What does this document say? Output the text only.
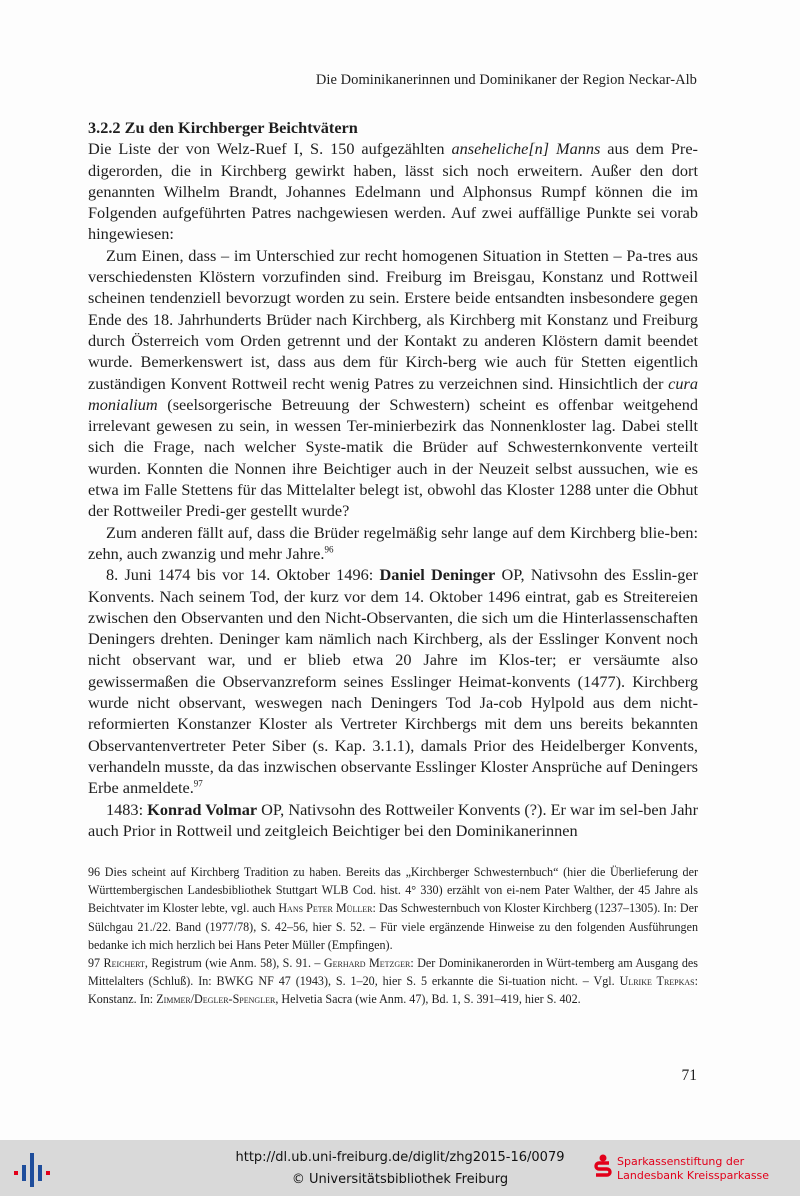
Die Dominikanerinnen und Dominikaner der Region Neckar-Alb

3.2.2 Zu den Kirchberger Beichtvätern

Die Liste der von Welz-Ruef I, S. 150 aufgezählten anseheliche[n] Manns aus dem Pre-digerorden, die in Kirchberg gewirkt haben, lässt sich noch erweitern. Außer den dort genannten Wilhelm Brandt, Johannes Edelmann und Alphonsus Rumpf können die im Folgenden aufgeführten Patres nachgewiesen werden. Auf zwei auffällige Punkte sei vorab hingewiesen:

Zum Einen, dass – im Unterschied zur recht homogenen Situation in Stetten – Pa-tres aus verschiedensten Klöstern vorzufinden sind. Freiburg im Breisgau, Konstanz und Rottweil scheinen tendenziell bevorzugt worden zu sein. Erstere beide entsandten insbesondere gegen Ende des 18. Jahrhunderts Brüder nach Kirchberg, als Kirchberg mit Konstanz und Freiburg durch Österreich vom Orden getrennt und der Kontakt zu anderen Klöstern damit beendet wurde. Bemerkenswert ist, dass aus dem für Kirch-berg wie auch für Stetten eigentlich zuständigen Konvent Rottweil recht wenig Patres zu verzeichnen sind. Hinsichtlich der cura monialium (seelsorgerische Betreuung der Schwestern) scheint es offenbar weitgehend irrelevant gewesen zu sein, in wessen Ter-minierbezirk das Nonnenkloster lag. Dabei stellt sich die Frage, nach welcher Syste-matik die Brüder auf Schwesternkonvente verteilt wurden. Konnten die Nonnen ihre Beichtiger auch in der Neuzeit selbst aussuchen, wie es etwa im Falle Stettens für das Mittelalter belegt ist, obwohl das Kloster 1288 unter die Obhut der Rottweiler Predi-ger gestellt wurde?

Zum anderen fällt auf, dass die Brüder regelmäßig sehr lange auf dem Kirchberg blie-ben: zehn, auch zwanzig und mehr Jahre.$^{96}$

8. Juni 1474 bis vor 14. Oktober 1496: Daniel Deninger OP, Nativsohn des Esslin-ger Konvents. Nach seinem Tod, der kurz vor dem 14. Oktober 1496 eintrat, gab es Streitereien zwischen den Observanten und den Nicht-Observanten, die sich um die Hinterlassenschaften Deningers drehten. Deninger kam nämlich nach Kirchberg, als der Esslinger Konvent noch nicht observant war, und er blieb etwa 20 Jahre im Klos-ter; er versäumte also gewissermaßen die Observanzreform seines Esslinger Heimat-konvents (1477). Kirchberg wurde nicht observant, weswegen nach Deningers Tod Ja-cob Hylpold aus dem nicht-reformierten Konstanzer Kloster als Vertreter Kirchbergs mit dem uns bereits bekannten Observantenvertreter Peter Siber (s. Kap. 3.1.1), damals Prior des Heidelberger Konvents, verhandeln musste, da das inzwischen observante Esslinger Kloster Ansprüche auf Deningers Erbe anmeldete.$^{97}$

1483: Konrad Volmar OP, Nativsohn des Rottweiler Konvents (?). Er war im sel-ben Jahr auch Prior in Rottweil und zeitgleich Beichtiger bei den Dominikanerinnen

96 Dies scheint auf Kirchberg Tradition zu haben. Bereits das „Kirchberger Schwesternbuch“ (hier die Überlieferung der Württembergischen Landesbibliothek Stuttgart WLB Cod. hist. 4° 330) erzählt von ei-nem Pater Walther, der 45 Jahre als Beichtvater im Kloster lebte, vgl. auch Hans Peter Müller: Das Schwesternbuch von Kloster Kirchberg (1237–1305). In: Der Sülchgau 21./22. Band (1977/78), S. 42–56, hier S. 52. – Für viele ergänzende Hinweise zu den folgenden Ausführungen bedanke ich mich herzlich bei Hans Peter Müller (Empfingen).

97 Reichert, Registrum (wie Anm. 58), S. 91. – Gerhard Metzger: Der Dominikanerorden in Würt-temberg am Ausgang des Mittelalters (Schluß). In: BWKG NF 47 (1943), S. 1–20, hier S. 5 erkannte die Si-tuation nicht. – Vgl. Ulrike Trepkas: Konstanz. In: Zimmer/Degler-Spengler, Helvetia Sacra (wie Anm. 47), Bd. 1, S. 391–419, hier S. 402.

71
http://dl.ub.uni-freiburg.de/diglit/zhg2015-16/0079
© Universitätsbibliothek Freiburg
Sparkassenstiftung der
Landesbank Kreissparkasse
